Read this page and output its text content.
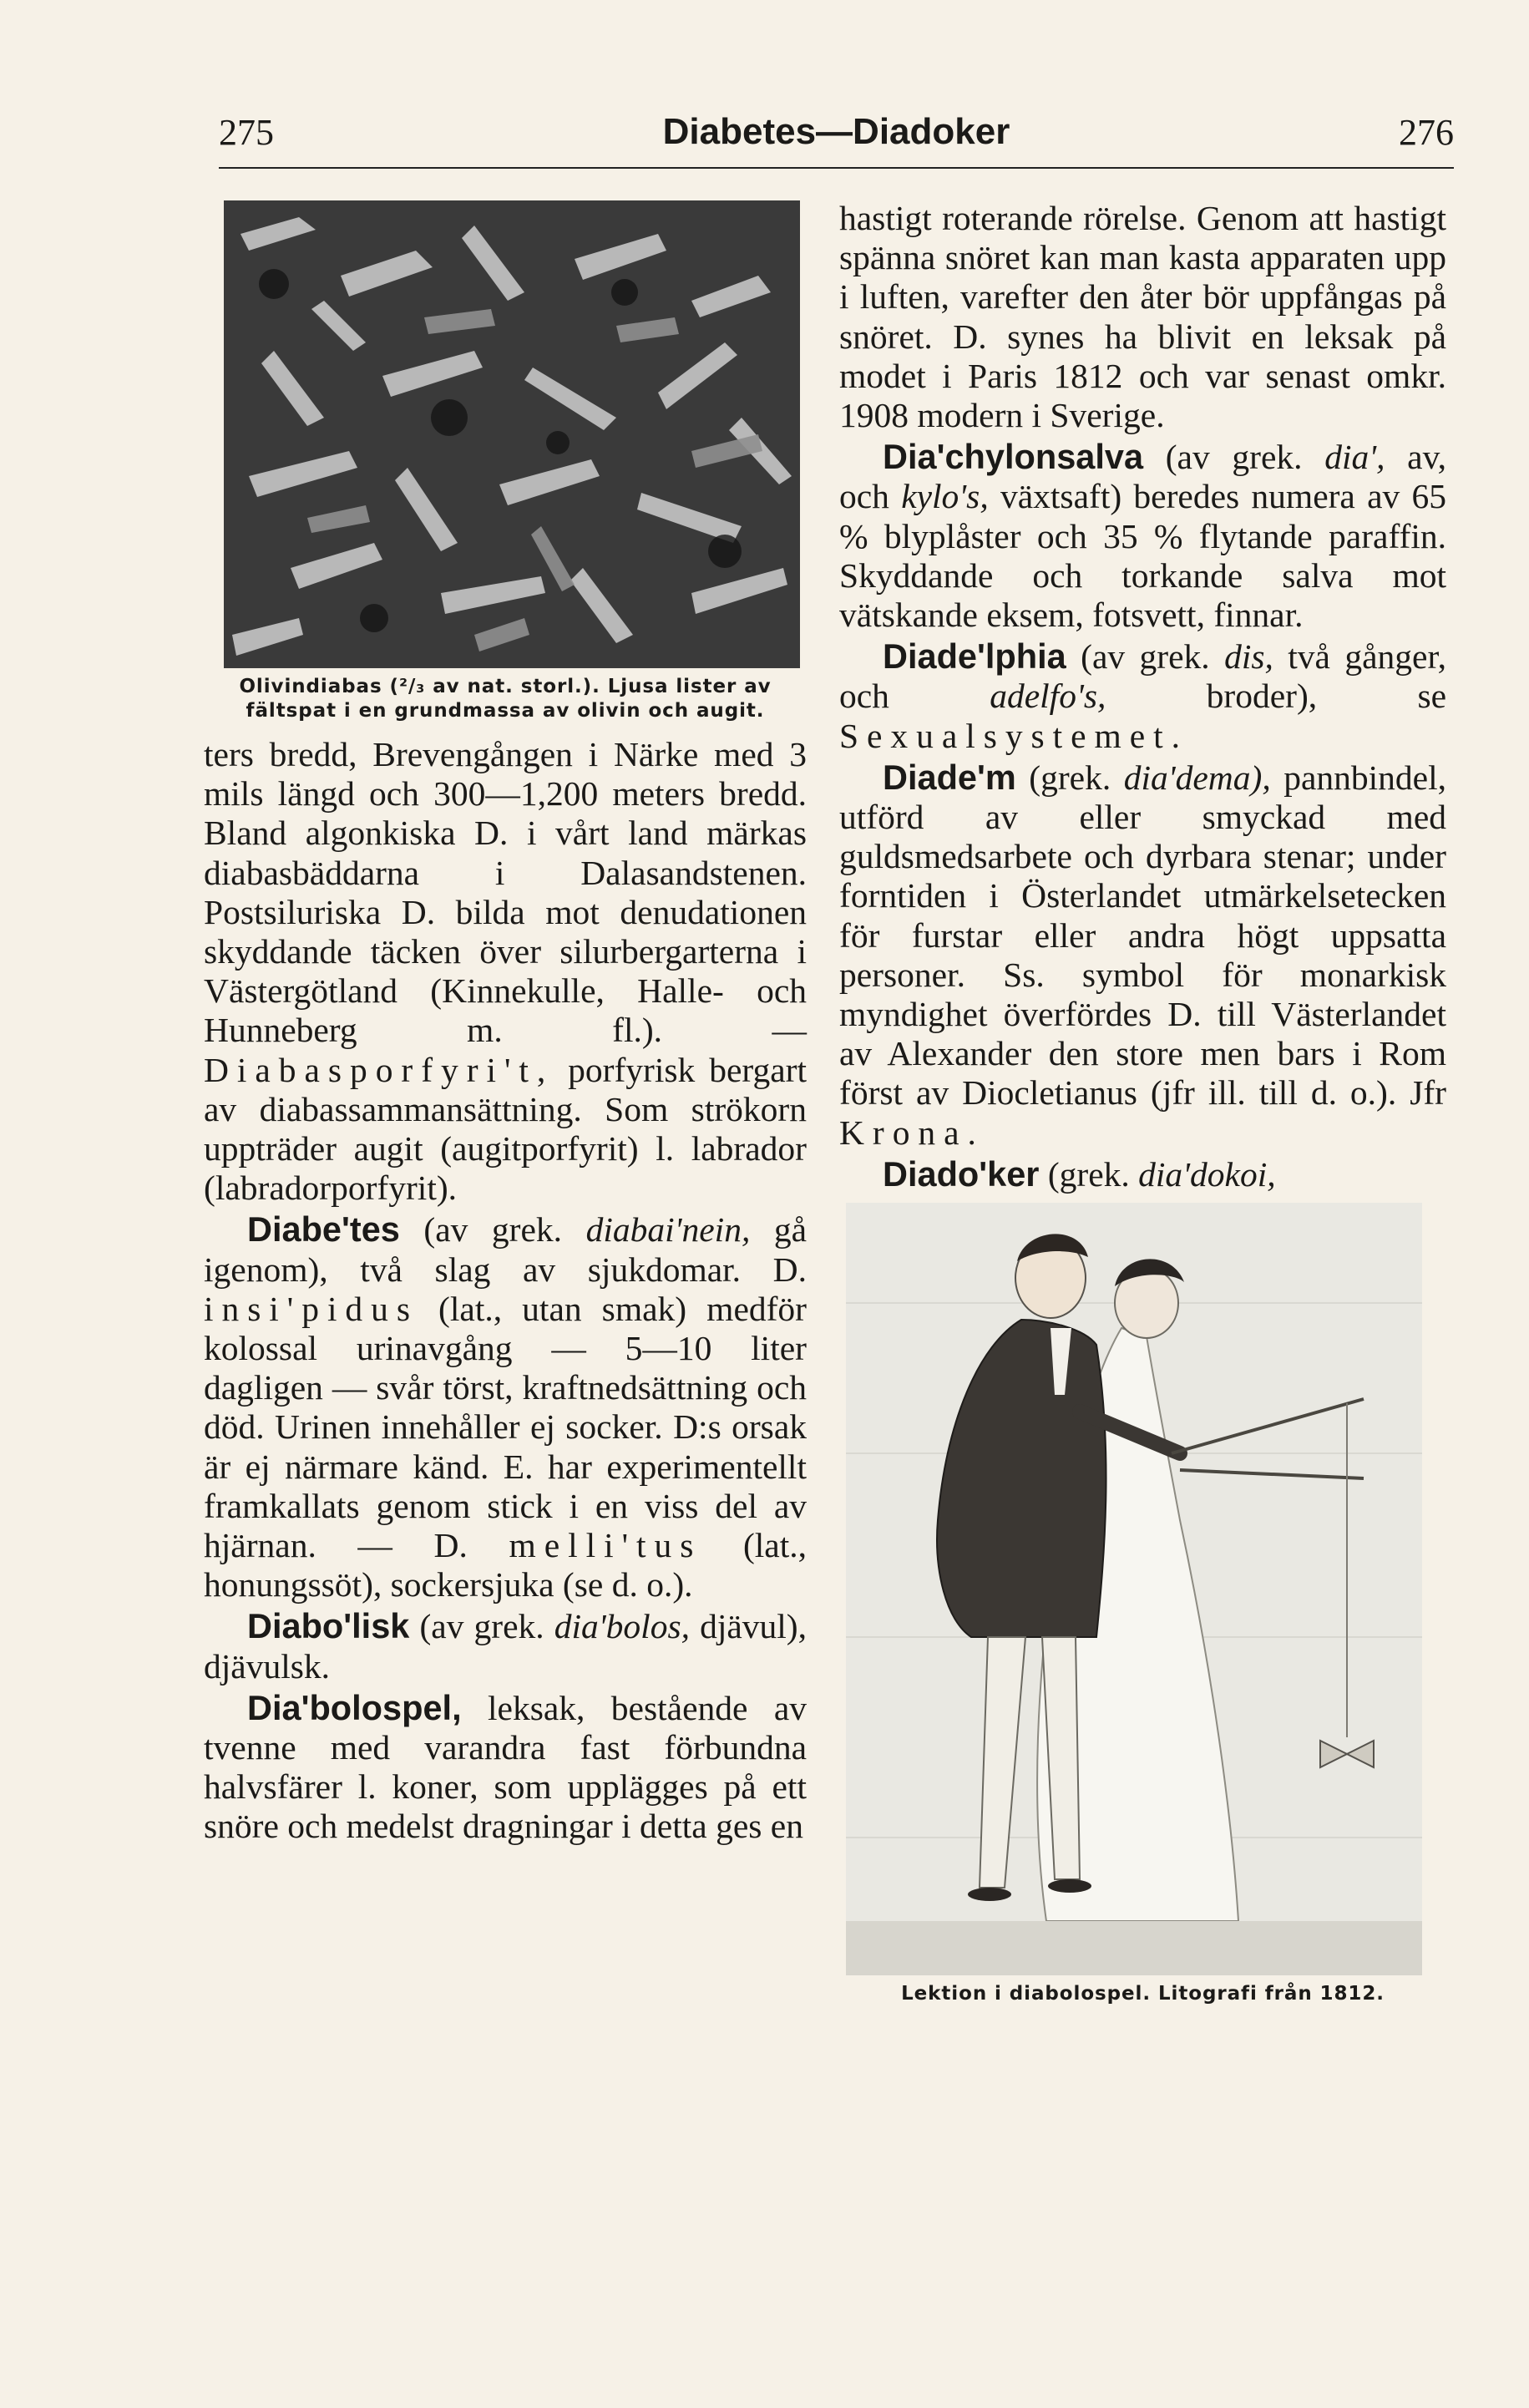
275	Diabetes—Diadoker	276
Olivindiabas (²/₃ av nat. storl.). Ljusa lister av fältspat i en grundmassa av olivin och augit.

ters bredd, Brevengången i Närke med 3 mils längd och 300—1,200 meters bredd. Bland algonkiska D. i vårt land märkas diabasbäddarna i Dalasandstenen. Postsiluriska D. bilda mot denudationen skyddande täcken över silurbergarterna i Västergötland (Kinnekulle, Halle- och Hunneberg m. fl.). — Diabasporfyri't, porfyrisk bergart av diabassammansättning. Som strökorn uppträder augit (augitporfyrit) l. labrador (labradorporfyrit).

Diabe'tes (av grek. diabai'nein, gå igenom), två slag av sjukdomar. D. insi'pidus (lat., utan smak) medför kolossal urinavgång — 5—10 liter dagligen — svår törst, kraftnedsättning och död. Urinen innehåller ej socker. D:s orsak är ej närmare känd. E. har experimentellt framkallats genom stick i en viss del av hjärnan. — D. melli'tus (lat., honungssöt), sockersjuka (se d. o.).

Diabo'lisk (av grek. dia'bolos, djävul), djävulsk.

Dia'bolospel, leksak, bestående av tvenne med varandra fast förbundna halvsfärer l. koner, som upplägges på ett snöre och medelst dragningar i detta ges en

hastigt roterande rörelse. Genom att hastigt spänna snöret kan man kasta apparaten upp i luften, varefter den åter bör uppfångas på snöret. D. synes ha blivit en leksak på modet i Paris 1812 och var senast omkr. 1908 modern i Sverige.

Dia'chylonsalva (av grek. dia', av, och kylo's, växtsaft) beredes numera av 65 % blyplåster och 35 % flytande paraffin. Skyddande och torkande salva mot vätskande eksem, fotsvett, finnar.

Diade'lphia (av grek. dis, två gånger, och	adelfo's,	broder), se Sexualsystemet.

Diade'm (grek. dia'dema), pannbindel, utförd av eller smyckad med guldsmedsarbete och dyrbara stenar; under forntiden i Österlandet utmärkelsetecken för furstar eller andra högt uppsatta personer. Ss. symbol för monarkisk myndighet överfördes D. till Västerlandet av Alexander den store men bars i Rom först av Diocletianus (jfr ill. till d. o.). Jfr Krona.

Diado'ker (grek. dia'dokoi,

Lektion i diabolospel. Litografi från 1812.
